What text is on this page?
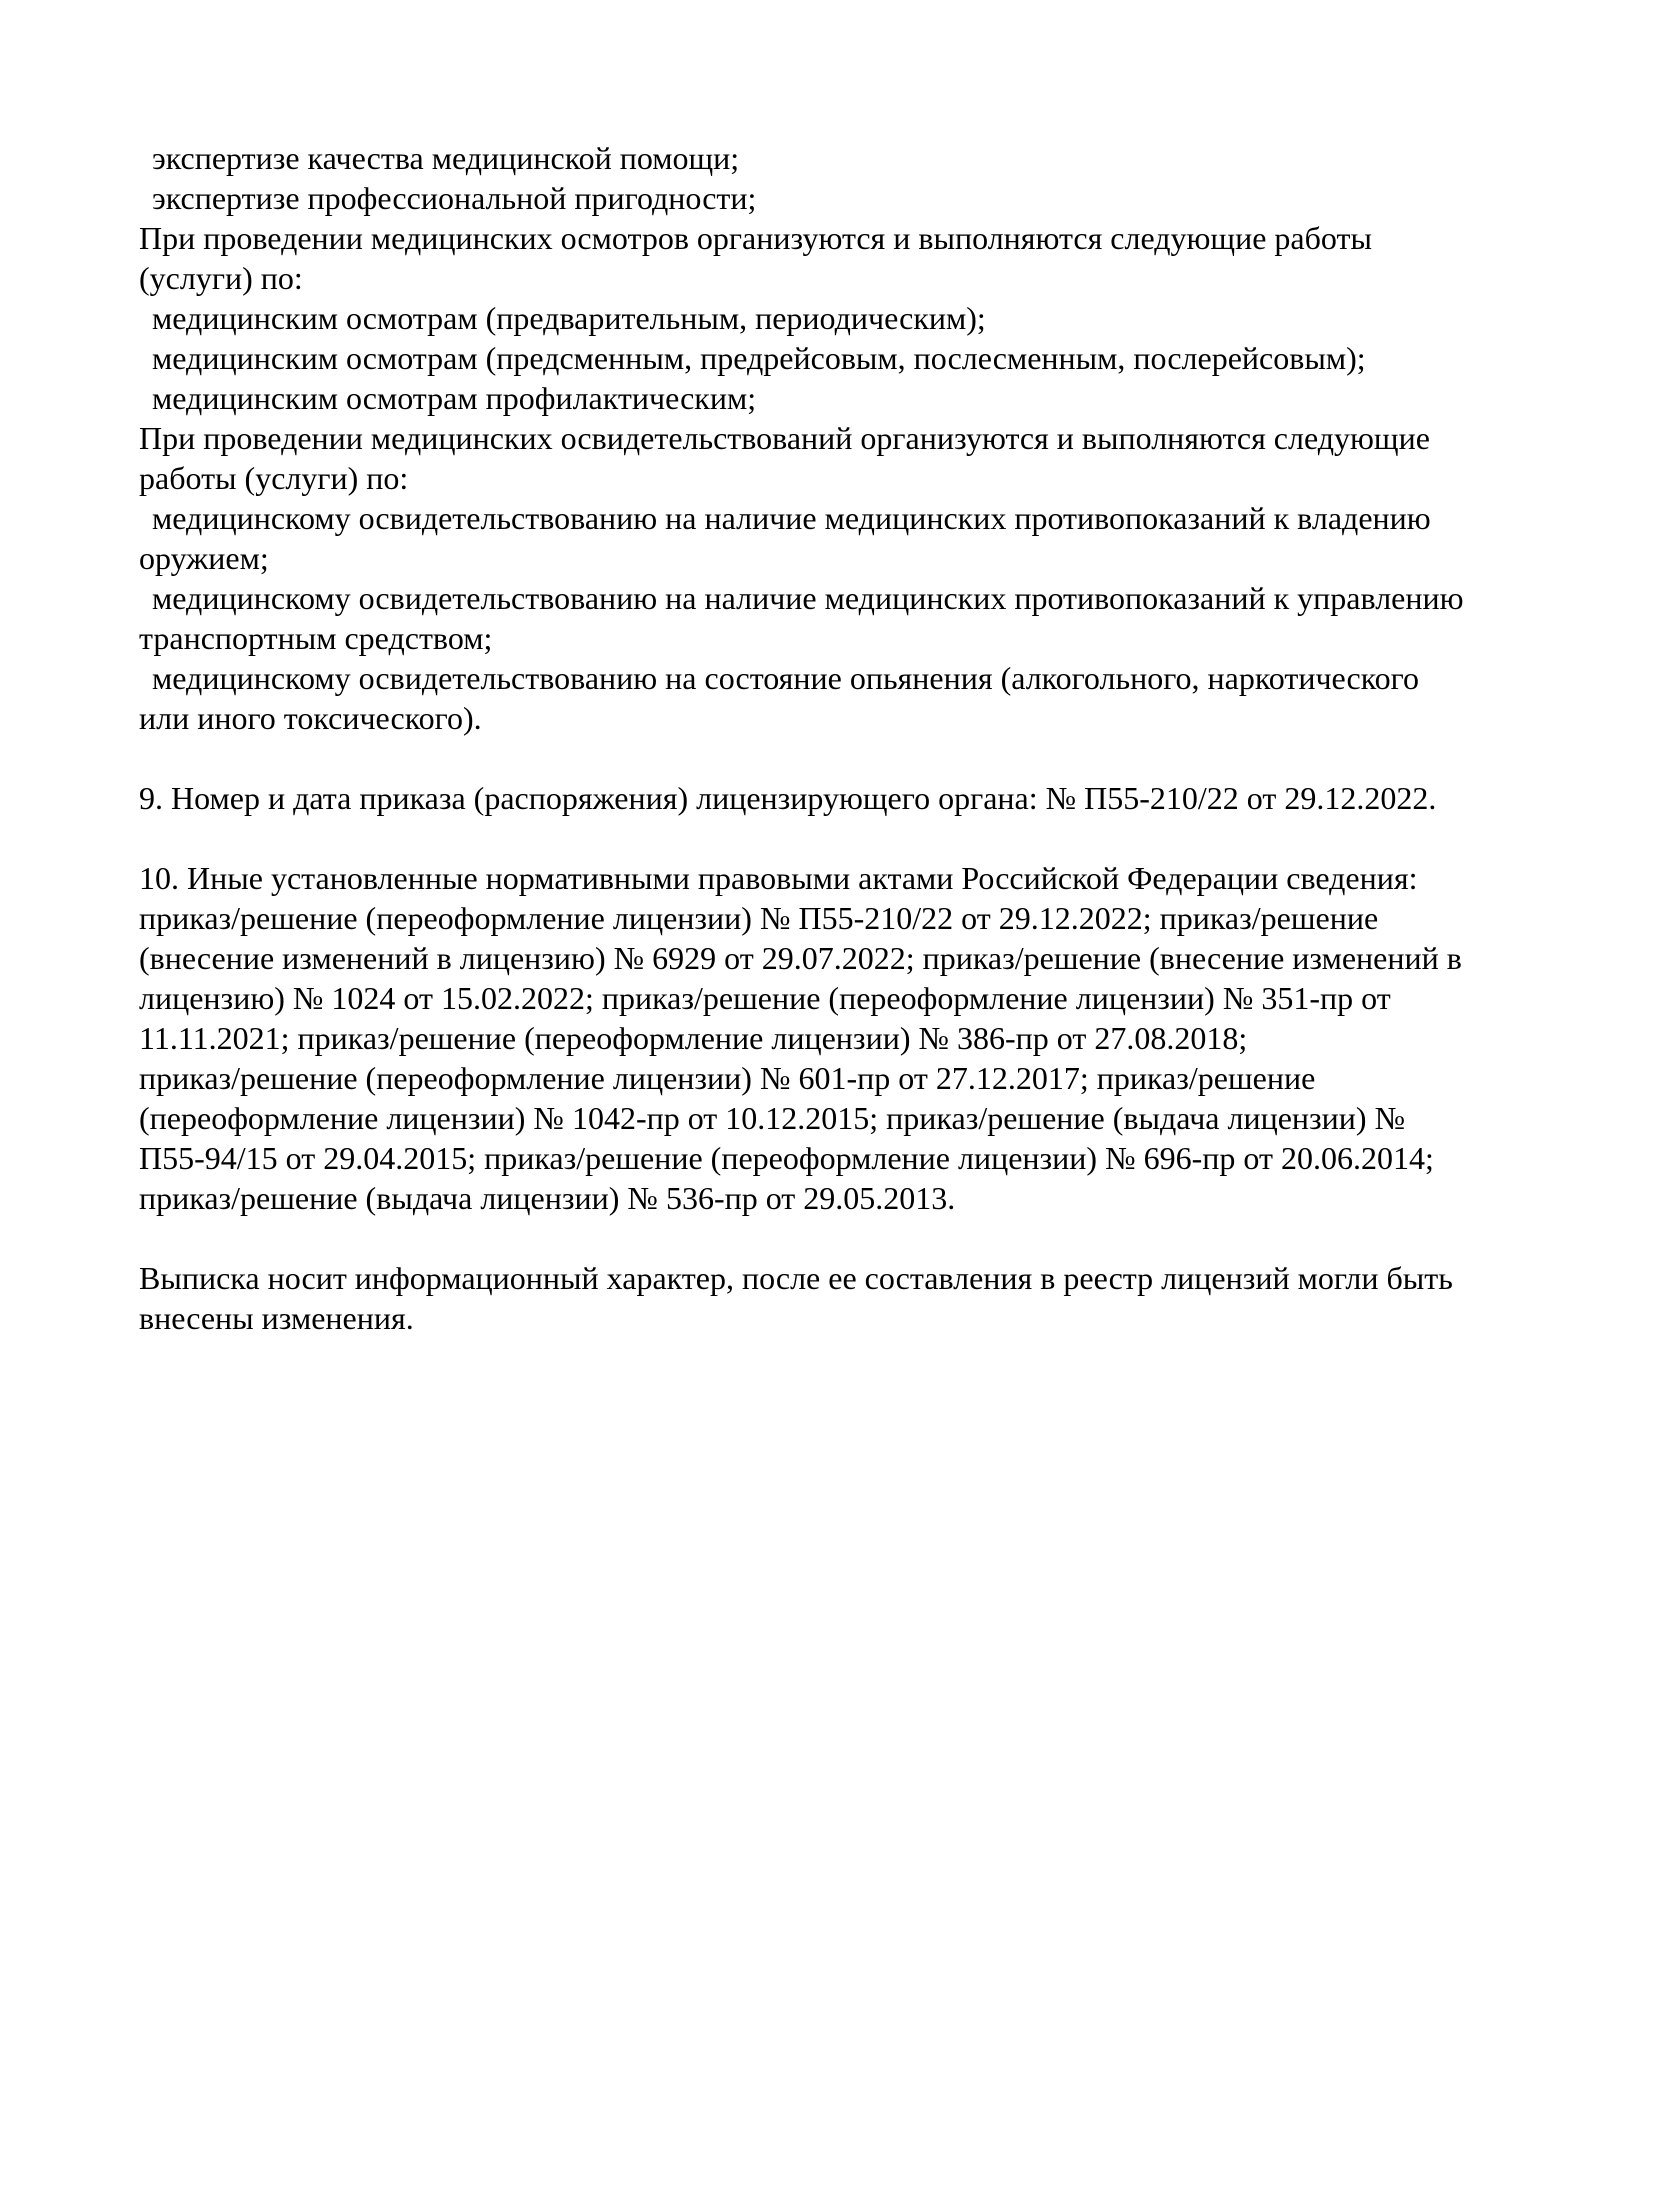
экспертизе качества медицинской помощи;
экспертизе профессиональной пригодности;
При проведении медицинских осмотров организуются и выполняются следующие работы
(услуги) по:
медицинским осмотрам (предварительным, периодическим);
медицинским осмотрам (предсменным, предрейсовым, послесменным, послерейсовым);
медицинским осмотрам профилактическим;
При проведении медицинских освидетельствований организуются и выполняются следующие
работы (услуги) по:
медицинскому освидетельствованию на наличие медицинских противопоказаний к владению
оружием;
медицинскому освидетельствованию на наличие медицинских противопоказаний к управлению
транспортным средством;
медицинскому освидетельствованию на состояние опьянения (алкогольного, наркотического
или иного токсического).
9. Номер и дата приказа (распоряжения) лицензирующего органа: № П55-210/22 от 29.12.2022.
10. Иные установленные нормативными правовыми актами Российской Федерации сведения:
приказ/решение (переоформление лицензии) № П55-210/22 от 29.12.2022; приказ/решение
(внесение изменений в лицензию) № 6929 от 29.07.2022; приказ/решение (внесение изменений в
лицензию) № 1024 от 15.02.2022; приказ/решение (переоформление лицензии) № 351-пр от
11.11.2021; приказ/решение (переоформление лицензии) № 386-пр от 27.08.2018;
приказ/решение (переоформление лицензии) № 601-пр от 27.12.2017; приказ/решение
(переоформление лицензии) № 1042-пр от 10.12.2015; приказ/решение (выдача лицензии) №
П55-94/15 от 29.04.2015; приказ/решение (переоформление лицензии) № 696-пр от 20.06.2014;
приказ/решение (выдача лицензии) № 536-пр от 29.05.2013.
Выписка носит информационный характер, после ее составления в реестр лицензий могли быть
внесены изменения.
